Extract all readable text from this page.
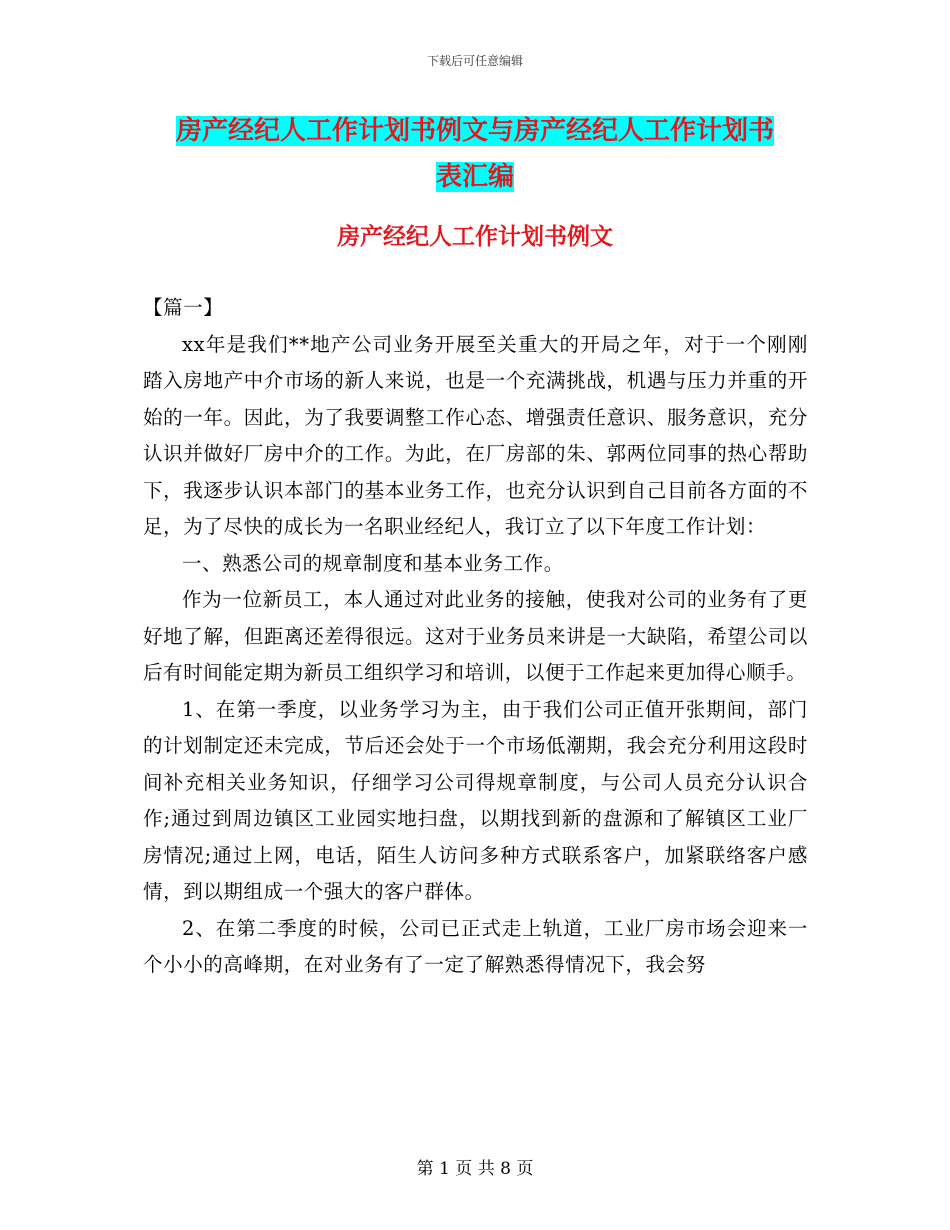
下载后可任意编辑
房产经纪人工作计划书例文与房产经纪人工作计划书
表汇编
房产经纪人工作计划书例文

【篇一】

xx年是我们**地产公司业务开展至关重大的开局之年，对于一个刚刚踏入房地产中介市场的新人来说，也是一个充满挑战，机遇与压力并重的开始的一年。因此，为了我要调整工作心态、增强责任意识、服务意识，充分认识并做好厂房中介的工作。为此，在厂房部的朱、郭两位同事的热心帮助下，我逐步认识本部门的基本业务工作，也充分认识到自己目前各方面的不足，为了尽快的成长为一名职业经纪人，我订立了以下年度工作计划：

一、熟悉公司的规章制度和基本业务工作。

作为一位新员工，本人通过对此业务的接触，使我对公司的业务有了更好地了解，但距离还差得很远。这对于业务员来讲是一大缺陷，希望公司以后有时间能定期为新员工组织学习和培训，以便于工作起来更加得心顺手。

1、在第一季度，以业务学习为主，由于我们公司正值开张期间，部门的计划制定还未完成，节后还会处于一个市场低潮期，我会充分利用这段时间补充相关业务知识，仔细学习公司得规章制度，与公司人员充分认识合作;通过到周边镇区工业园实地扫盘，以期找到新的盘源和了解镇区工业厂房情况;通过上网，电话，陌生人访问多种方式联系客户，加紧联络客户感情，到以期组成一个强大的客户群体。

2、在第二季度的时候，公司已正式走上轨道，工业厂房市场会迎来一个小小的高峰期，在对业务有了一定了解熟悉得情况下，我会努

第 1 页 共 8 页
